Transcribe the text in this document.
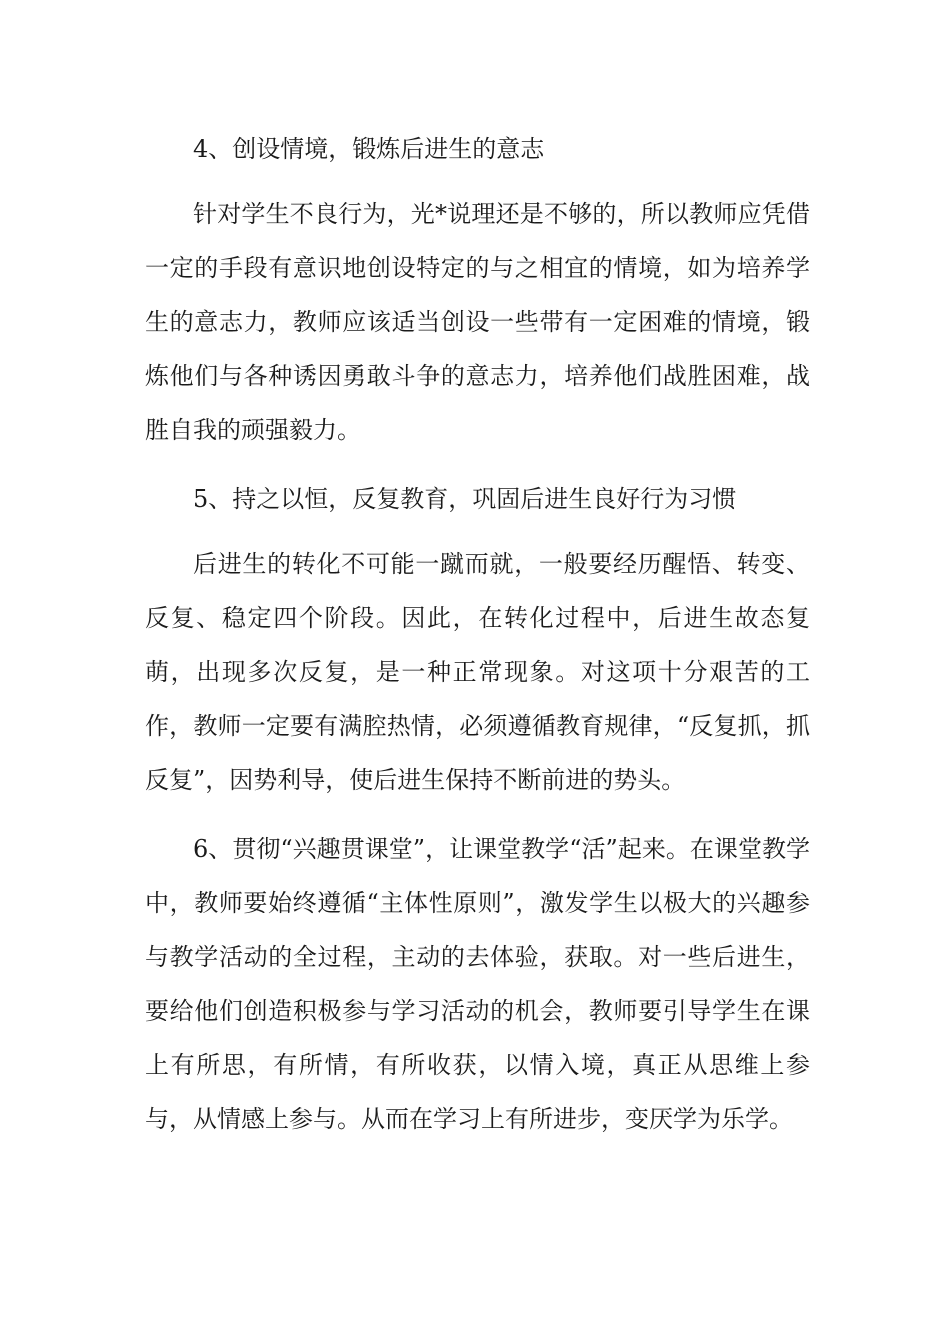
4、创设情境，锻炼后进生的意志

针对学生不良行为，光*说理还是不够的，所以教师应凭借一定的手段有意识地创设特定的与之相宜的情境，如为培养学生的意志力，教师应该适当创设一些带有一定困难的情境，锻炼他们与各种诱因勇敢斗争的意志力，培养他们战胜困难，战胜自我的顽强毅力。

5、持之以恒，反复教育，巩固后进生良好行为习惯

后进生的转化不可能一蹴而就，一般要经历醒悟、转变、反复、稳定四个阶段。因此，在转化过程中，后进生故态复萌，出现多次反复，是一种正常现象。对这项十分艰苦的工作，教师一定要有满腔热情，必须遵循教育规律，“反复抓，抓反复”，因势利导，使后进生保持不断前进的势头。

6、贯彻“兴趣贯课堂”，让课堂教学“活”起来。在课堂教学中，教师要始终遵循“主体性原则”，激发学生以极大的兴趣参与教学活动的全过程，主动的去体验，获取。对一些后进生，要给他们创造积极参与学习活动的机会，教师要引导学生在课上有所思，有所情，有所收获，以情入境，真正从思维上参与，从情感上参与。从而在学习上有所进步，变厌学为乐学。
